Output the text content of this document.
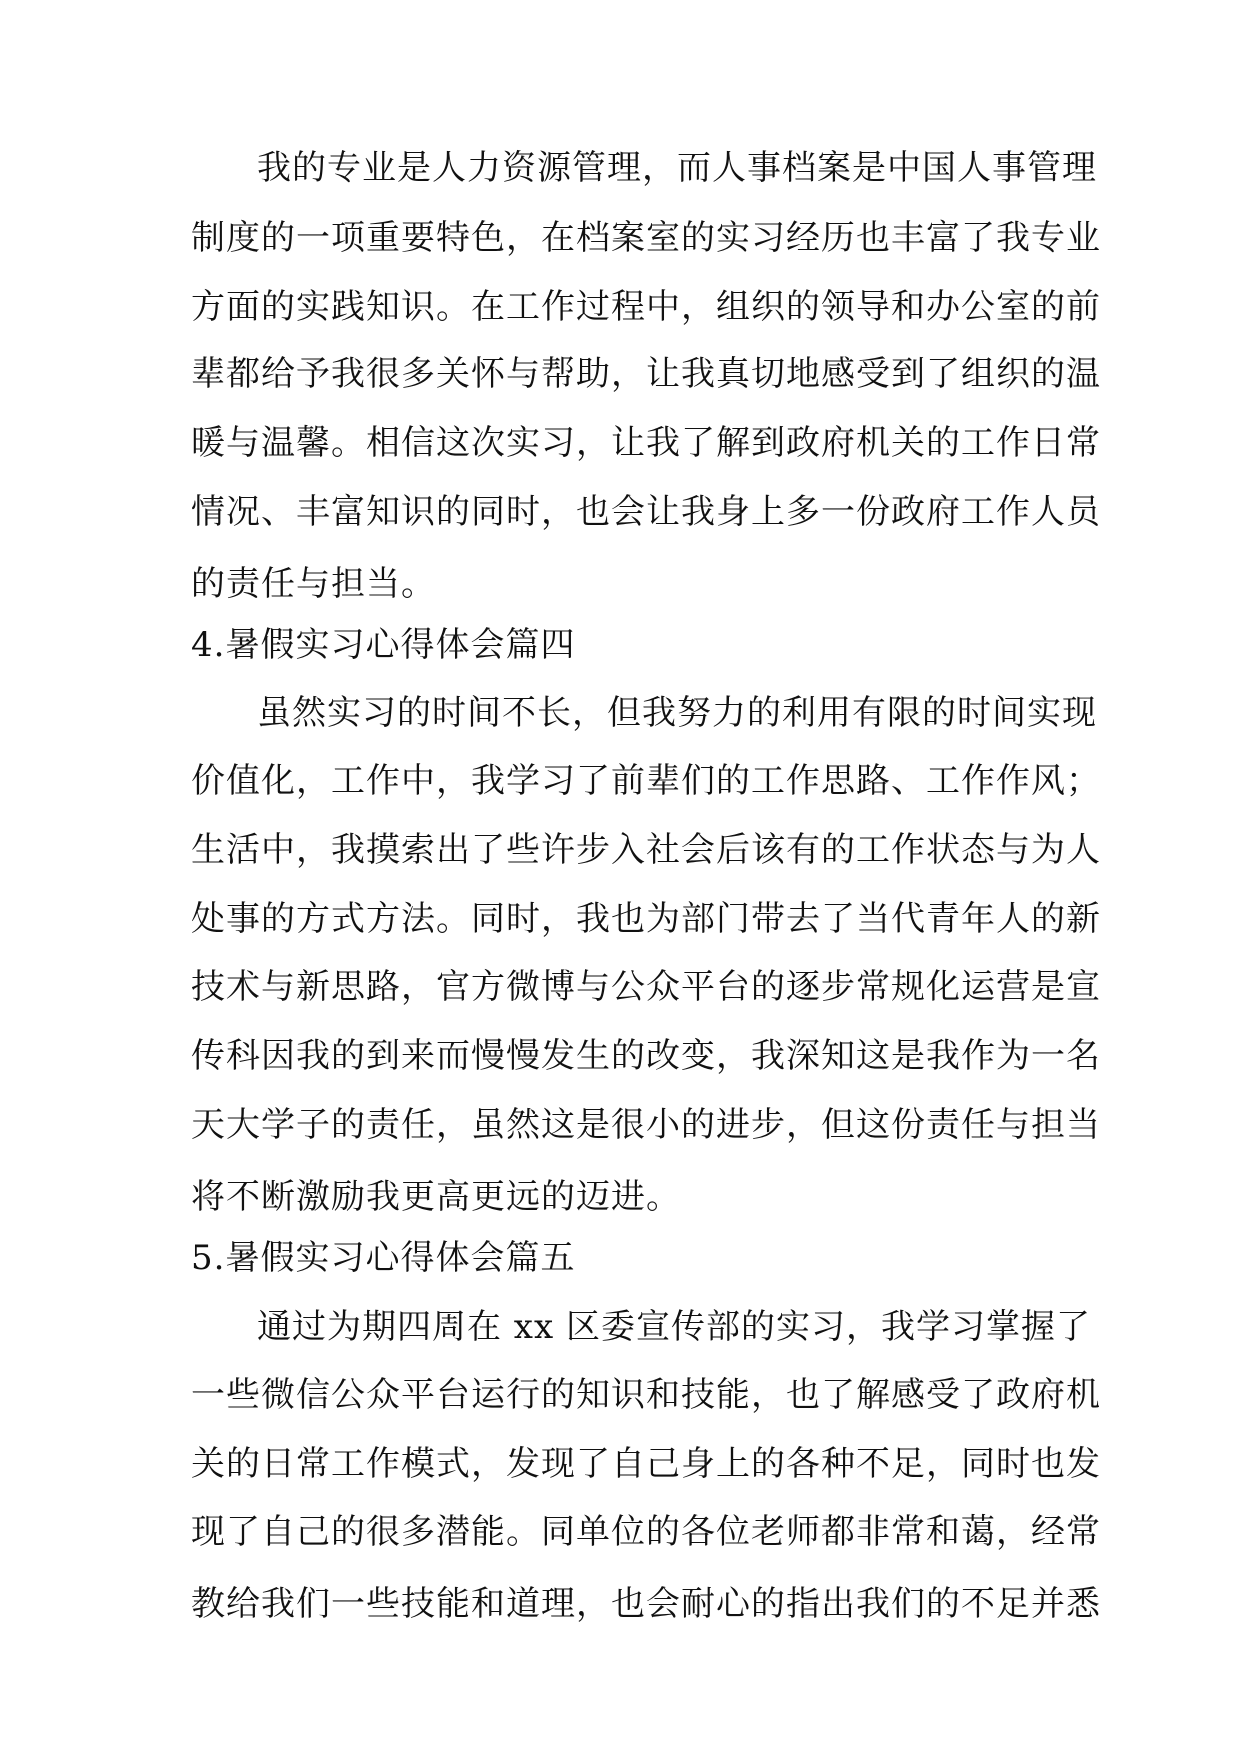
我的专业是人力资源管理，而人事档案是中国人事管理
制度的一项重要特色，在档案室的实习经历也丰富了我专业
方面的实践知识。在工作过程中，组织的领导和办公室的前
辈都给予我很多关怀与帮助，让我真切地感受到了组织的温
暖与温馨。相信这次实习，让我了解到政府机关的工作日常
情况、丰富知识的同时，也会让我身上多一份政府工作人员
的责任与担当。
4.暑假实习心得体会篇四
虽然实习的时间不长，但我努力的利用有限的时间实现
价值化，工作中，我学习了前辈们的工作思路、工作作风；
生活中，我摸索出了些许步入社会后该有的工作状态与为人
处事的方式方法。同时，我也为部门带去了当代青年人的新
技术与新思路，官方微博与公众平台的逐步常规化运营是宣
传科因我的到来而慢慢发生的改变，我深知这是我作为一名
天大学子的责任，虽然这是很小的进步，但这份责任与担当
将不断激励我更高更远的迈进。
5.暑假实习心得体会篇五
通过为期四周在 xx 区委宣传部的实习，我学习掌握了
一些微信公众平台运行的知识和技能，也了解感受了政府机
关的日常工作模式，发现了自己身上的各种不足，同时也发
现了自己的很多潜能。同单位的各位老师都非常和蔼，经常
教给我们一些技能和道理，也会耐心的指出我们的不足并悉
